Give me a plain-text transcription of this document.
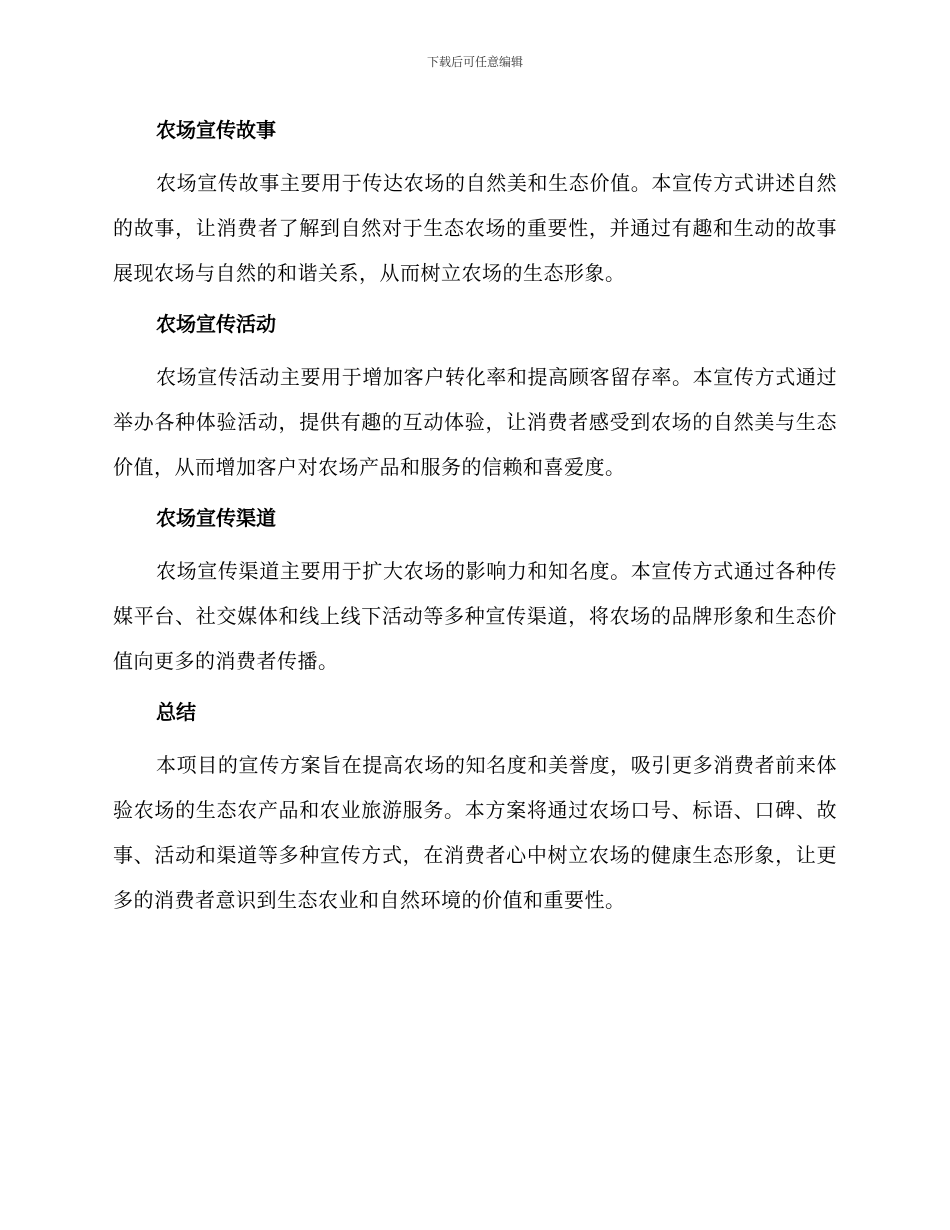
下载后可任意编辑
农场宣传故事

农场宣传故事主要用于传达农场的自然美和生态价值。本宣传方式讲述自然的故事，让消费者了解到自然对于生态农场的重要性，并通过有趣和生动的故事展现农场与自然的和谐关系，从而树立农场的生态形象。

农场宣传活动

农场宣传活动主要用于增加客户转化率和提高顾客留存率。本宣传方式通过举办各种体验活动，提供有趣的互动体验，让消费者感受到农场的自然美与生态价值，从而增加客户对农场产品和服务的信赖和喜爱度。

农场宣传渠道

农场宣传渠道主要用于扩大农场的影响力和知名度。本宣传方式通过各种传媒平台、社交媒体和线上线下活动等多种宣传渠道，将农场的品牌形象和生态价值向更多的消费者传播。

总结

本项目的宣传方案旨在提高农场的知名度和美誉度，吸引更多消费者前来体验农场的生态农产品和农业旅游服务。本方案将通过农场口号、标语、口碑、故事、活动和渠道等多种宣传方式，在消费者心中树立农场的健康生态形象，让更多的消费者意识到生态农业和自然环境的价值和重要性。
